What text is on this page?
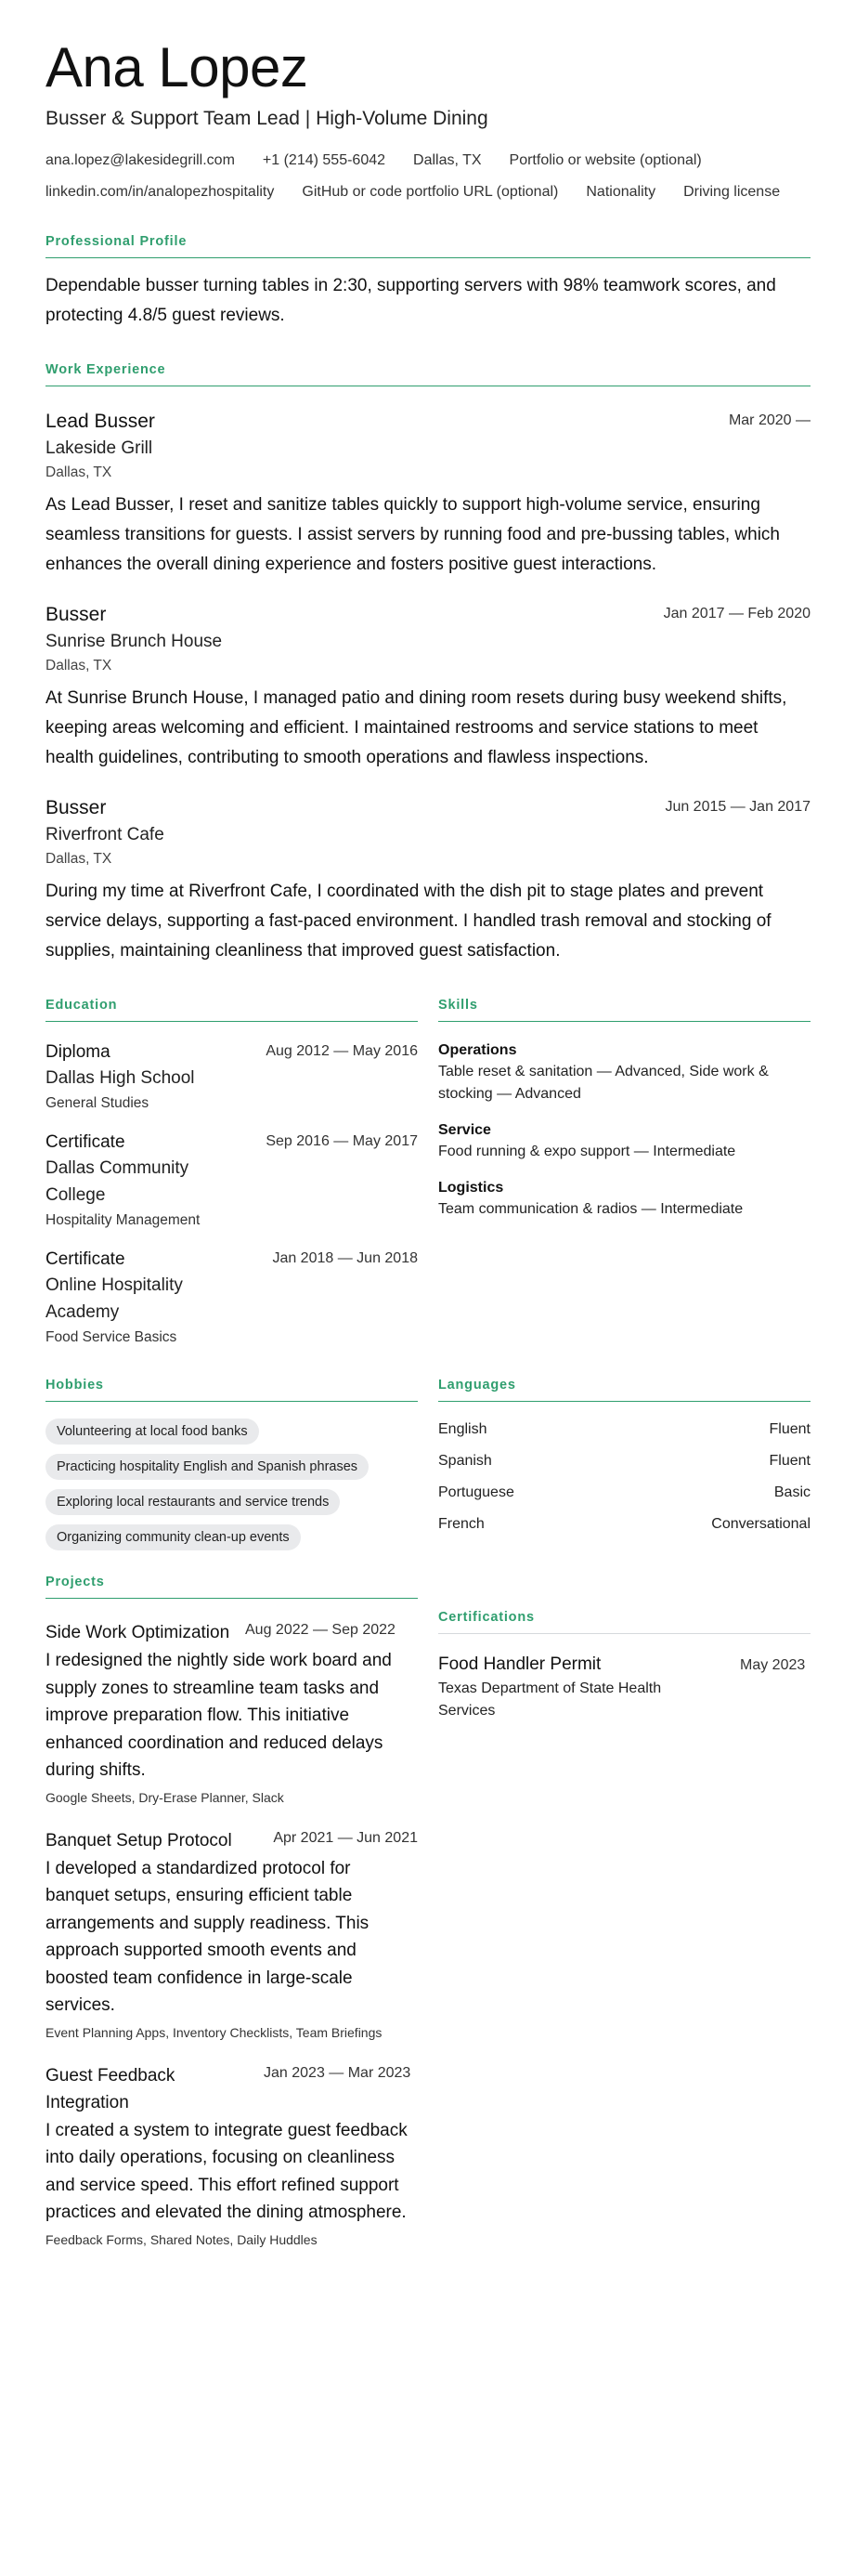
Ana Lopez
Busser & Support Team Lead | High-Volume Dining
ana.lopez@lakesidegrill.com +1 (214) 555-6042 Dallas, TX Portfolio or website (optional)
linkedin.com/in/analopezhospitality GitHub or code portfolio URL (optional) Nationality Driving license
Professional Profile

Dependable busser turning tables in 2:30, supporting servers with 98% teamwork scores, and protecting 4.8/5 guest reviews.

Work Experience
Lead Busser	Mar 2020 —
Lakeside Grill
Dallas, TX

As Lead Busser, I reset and sanitize tables quickly to support high-volume service, ensuring seamless transitions for guests. I assist servers by running food and pre-bussing tables, which enhances the overall dining experience and fosters positive guest interactions.

Busser	Jan 2017 — Feb 2020
Sunrise Brunch House
Dallas, TX

At Sunrise Brunch House, I managed patio and dining room resets during busy weekend shifts, keeping areas welcoming and efficient. I maintained restrooms and service stations to meet health guidelines, contributing to smooth operations and flawless inspections.

Busser	Jun 2015 — Jan 2017
Riverfront Cafe
Dallas, TX

During my time at Riverfront Cafe, I coordinated with the dish pit to stage plates and prevent service delays, supporting a fast-paced environment. I handled trash removal and stocking of supplies, maintaining cleanliness that improved guest satisfaction.

Education
Diploma	Aug 2012 — May 2016
Dallas High School
General Studies
Certificate	Sep 2016 — May 2017
Dallas Community College
Hospitality Management
Certificate	Jan 2018 — Jun 2018
Online Hospitality Academy
Food Service Basics
Skills
Operations
Table reset & sanitation — Advanced, Side work & stocking — Advanced
Service
Food running & expo support — Intermediate
Logistics
Team communication & radios — Intermediate
Hobbies
Volunteering at local food banks
Practicing hospitality English and Spanish phrases
Exploring local restaurants and service trends
Organizing community clean-up events
Languages
English	Fluent
Spanish	Fluent
Portuguese	Basic
French	Conversational
Projects
Side Work Optimization Aug 2022 — Sep 2022

I redesigned the nightly side work board and supply zones to streamline team tasks and improve preparation flow. This initiative enhanced coordination and reduced delays during shifts.

Google Sheets, Dry-Erase Planner, Slack
Banquet Setup Protocol	Apr 2021 — Jun 2021

I developed a standardized protocol for banquet setups, ensuring efficient table arrangements and supply readiness. This approach supported smooth events and boosted team confidence in large-scale services.

Event Planning Apps, Inventory Checklists, Team Briefings
Guest Feedback Integration
Jan 2023 — Mar 2023

I created a system to integrate guest feedback into daily operations, focusing on cleanliness and service speed. This effort refined support practices and elevated the dining atmosphere.

Feedback Forms, Shared Notes, Daily Huddles
Certifications
Food Handler Permit
Texas Department of State Health Services
May 2023
